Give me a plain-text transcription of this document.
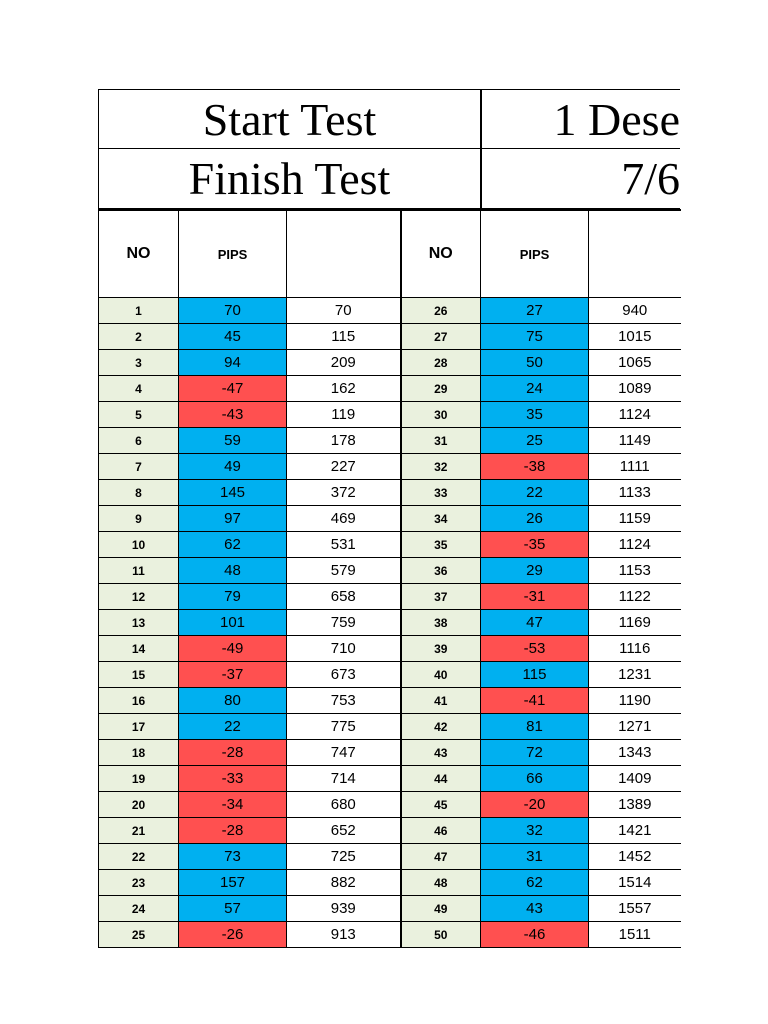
Start Test	1 Dese
Finish Test	7/6
NO	PIPS		NO	PIPS	
1	70	70	26	27	940
2	45	115	27	75	1015
3	94	209	28	50	1065
4	-47	162	29	24	1089
5	-43	119	30	35	1124
6	59	178	31	25	1149
7	49	227	32	-38	1111
8	145	372	33	22	1133
9	97	469	34	26	1159
10	62	531	35	-35	1124
11	48	579	36	29	1153
12	79	658	37	-31	1122
13	101	759	38	47	1169
14	-49	710	39	-53	1116
15	-37	673	40	115	1231
16	80	753	41	-41	1190
17	22	775	42	81	1271
18	-28	747	43	72	1343
19	-33	714	44	66	1409
20	-34	680	45	-20	1389
21	-28	652	46	32	1421
22	73	725	47	31	1452
23	157	882	48	62	1514
24	57	939	49	43	1557
25	-26	913	50	-46	1511
